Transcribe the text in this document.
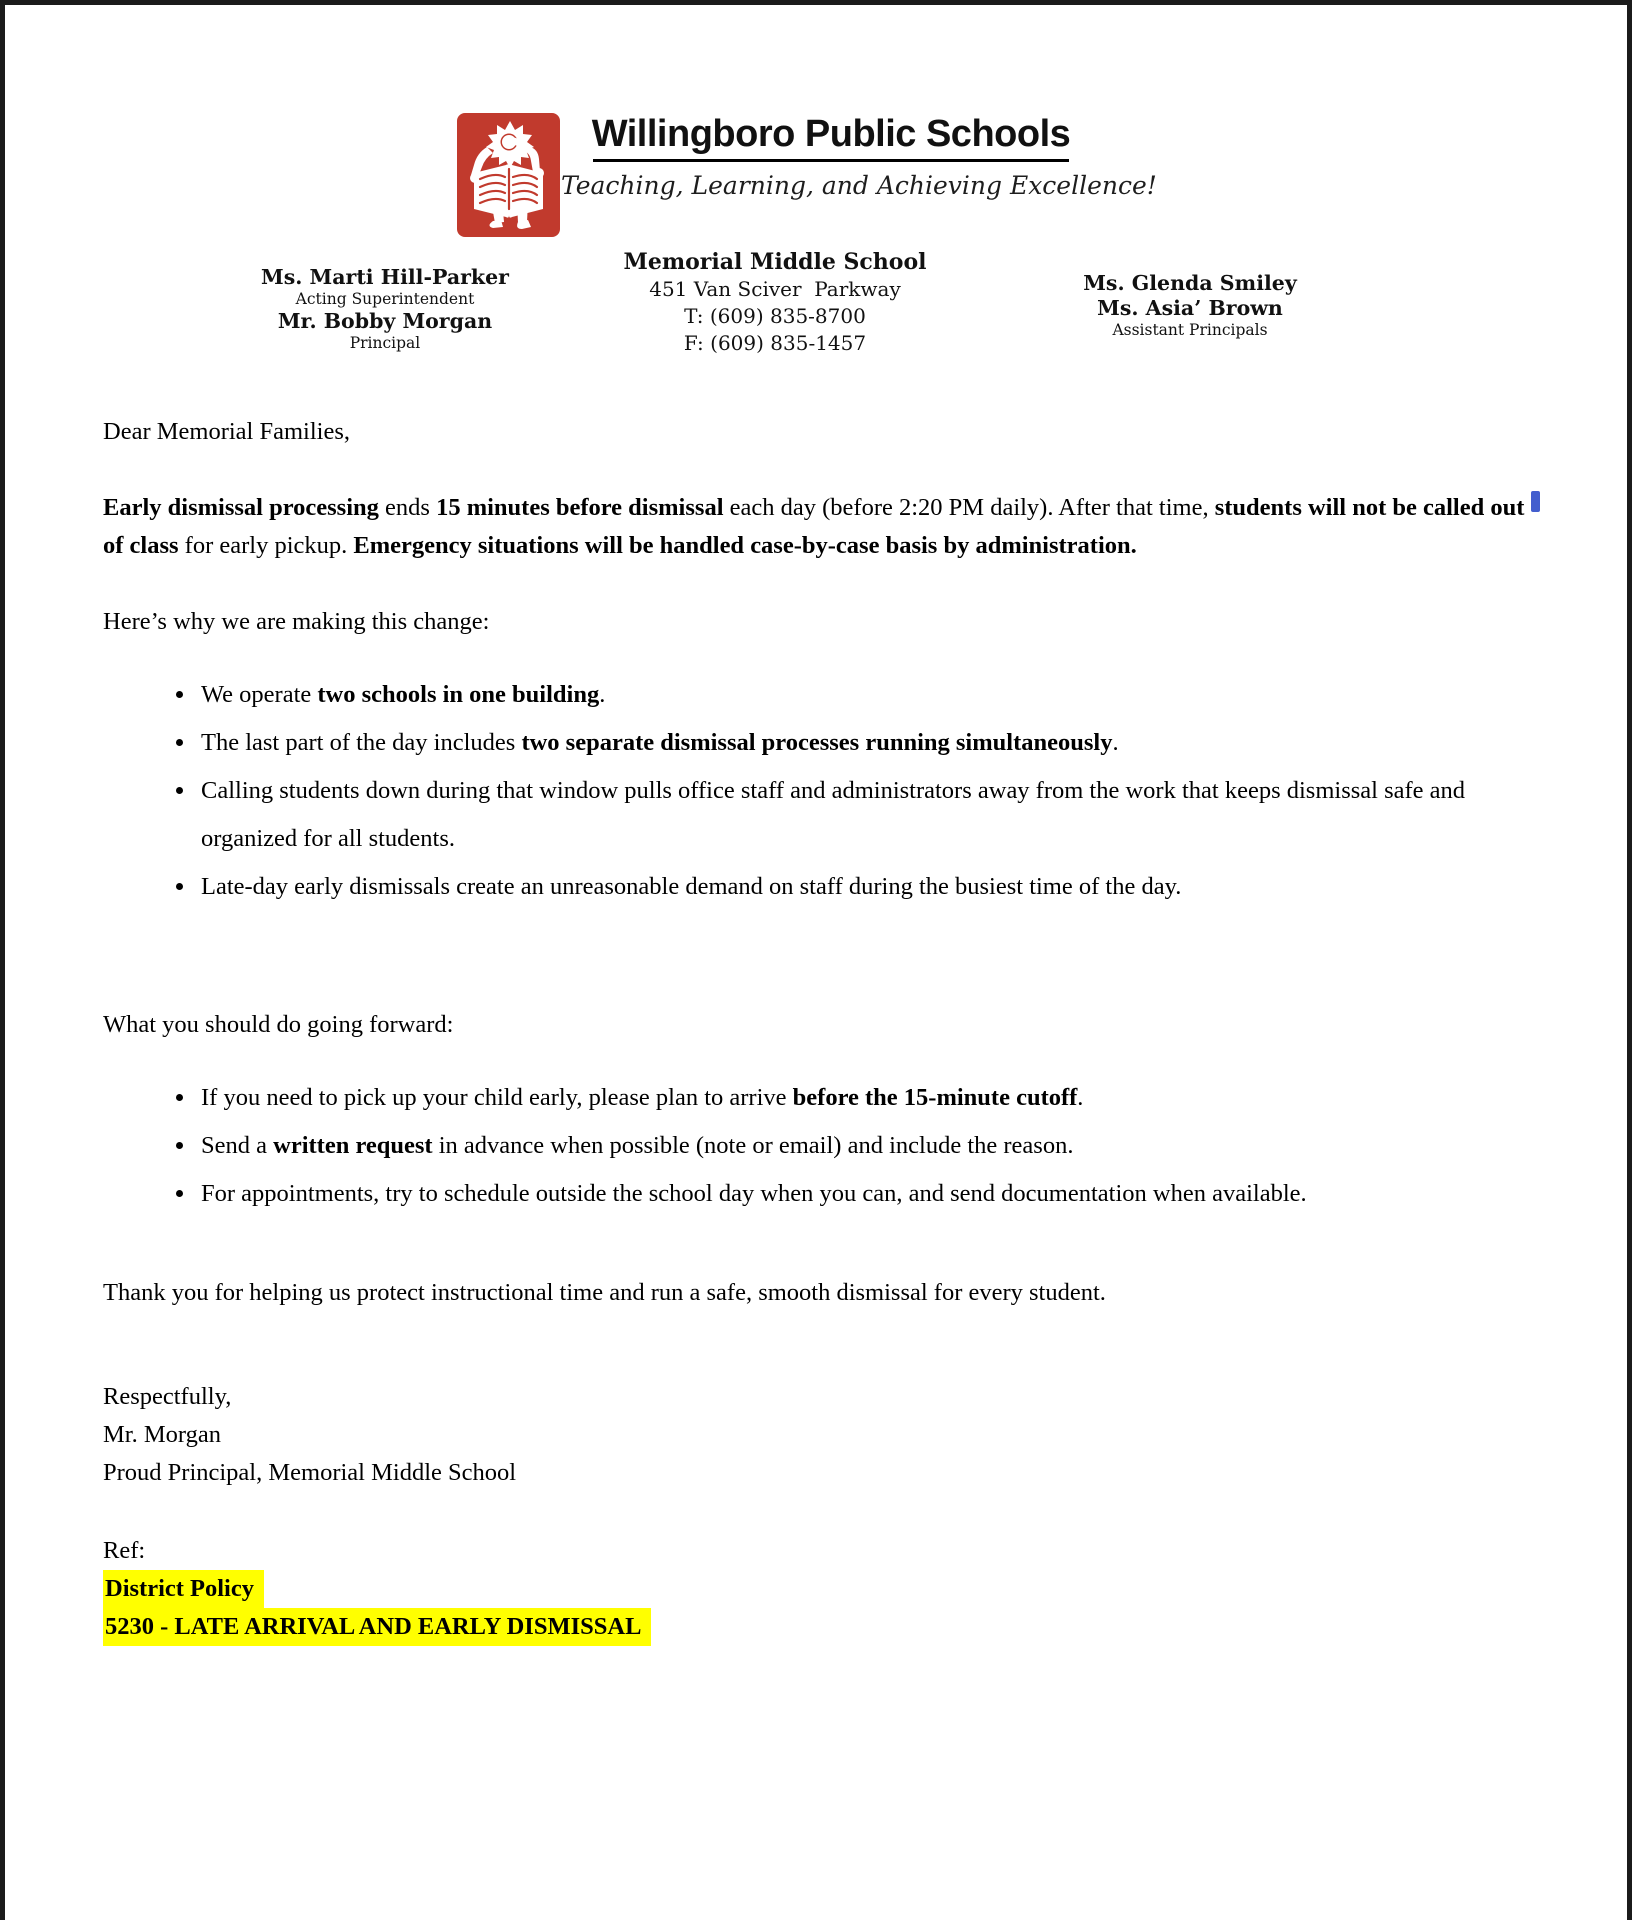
Willingboro Public Schools
Teaching, Learning, and Achieving Excellence!
Ms. Marti Hill-Parker
Acting Superintendent
Mr. Bobby Morgan
Principal
Memorial Middle School
451 Van Sciver  Parkway
T: (609) 835-8700
F: (609) 835-1457
Ms. Glenda Smiley
Ms. Asia’ Brown
Assistant Principals

Dear Memorial Families,

Early dismissal processing ends 15 minutes before dismissal each day (before 2:20 PM daily). After that time, students will not be called out of class for early pickup. Emergency situations will be handled case-by-case basis by administration.

Here’s why we are making this change:

• We operate two schools in one building.
• The last part of the day includes two separate dismissal processes running simultaneously.
• Calling students down during that window pulls office staff and administrators away from the work that keeps dismissal safe and organized for all students.
• Late-day early dismissals create an unreasonable demand on staff during the busiest time of the day.

What you should do going forward:

• If you need to pick up your child early, please plan to arrive before the 15-minute cutoff.
• Send a written request in advance when possible (note or email) and include the reason.
• For appointments, try to schedule outside the school day when you can, and send documentation when available.

Thank you for helping us protect instructional time and run a safe, smooth dismissal for every student.

Respectfully,
Mr. Morgan
Proud Principal, Memorial Middle School
Ref:
District Policy
5230 - LATE ARRIVAL AND EARLY DISMISSAL
